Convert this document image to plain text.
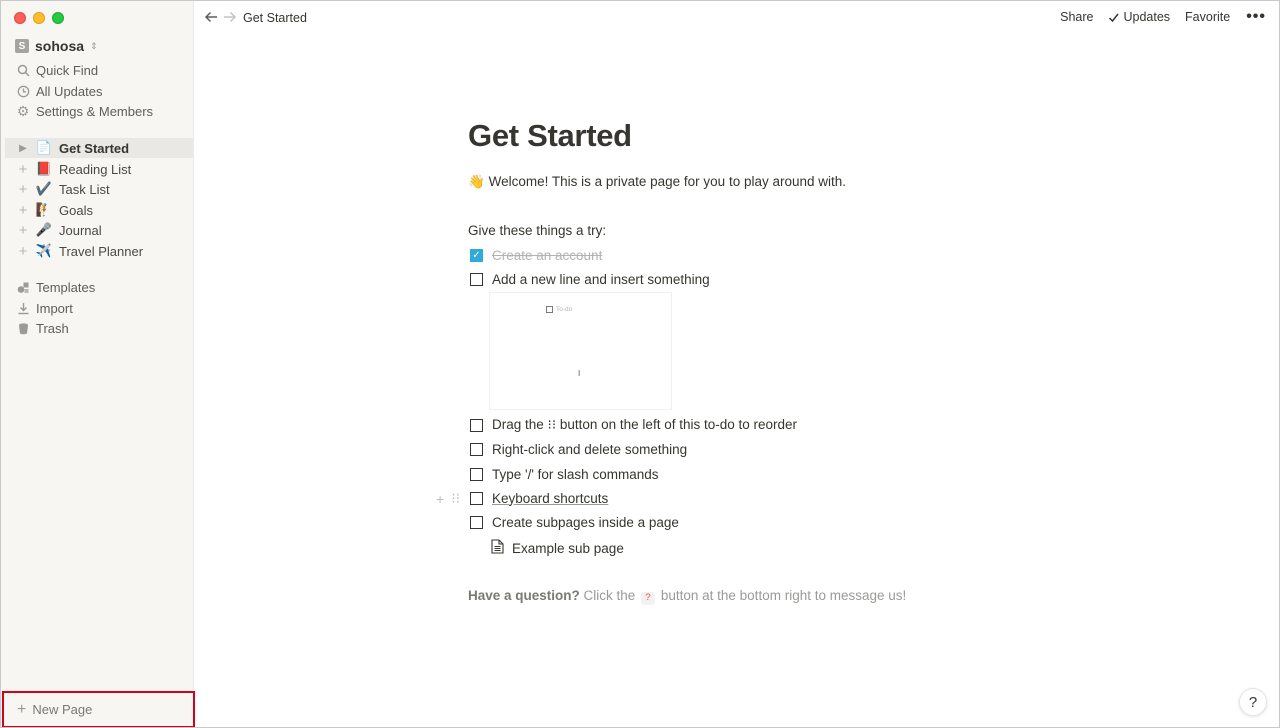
S sohosa ⇕
Quick Find
All Updates
⚙ Settings & Members
▶ 📄 Get Started
+ 📕 Reading List
+ ✔️ Task List
+ 🧗 Goals
+ 🎤 Journal
+ ✈️ Travel Planner
Templates
Import
Trash
+ New Page
Get Started	Share Updates Favorite •••
Get Started
👋 Welcome! This is a private page for you to play around with.
Give these things a try:
✓ Create an account
Add a new line and insert something
To-do
I
Drag the ⁝⁝ button on the left of this to-do to reorder
Right-click and delete something
Type '/' for slash commands
Keyboard shortcuts
Create subpages inside a page
Example sub page
Have a question? Click the ? button at the bottom right to message us!
+ ⁝⁝
?
